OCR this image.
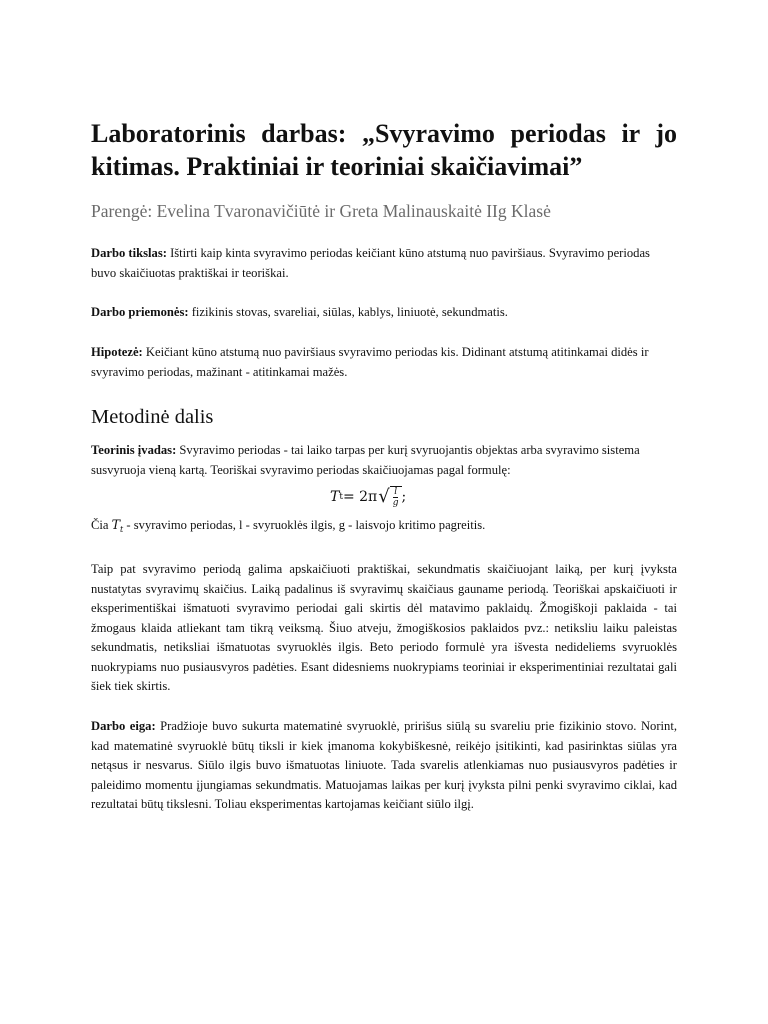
Laboratorinis darbas: „Svyravimo periodas ir jo kitimas. Praktiniai ir teoriniai skaičiavimai”

Parengė: Evelina Tvaronavičiūtė ir Greta Malinauskaitė IIg Klasė

Darbo tikslas: Ištirti kaip kinta svyravimo periodas keičiant kūno atstumą nuo paviršiaus. Svyravimo periodas buvo skaičiuotas praktiškai ir teoriškai.

Darbo priemonės: fizikinis stovas, svareliai, siūlas, kablys, liniuotė, sekundmatis.

Hipotezė: Keičiant kūno atstumą nuo paviršiaus svyravimo periodas kis. Didinant atstumą atitinkamai didės ir svyravimo periodas, mažinant - atitinkamai mažės.

Metodinė dalis

Teorinis įvadas: Svyravimo periodas - tai laiko tarpas per kurį svyruojantis objektas arba svyravimo sistema susvyruoja vieną kartą. Teoriškai svyravimo periodas skaičiuojamas pagal formulę:

T t = 2π √ $\frac{l}{g}$ ;

Čia $T_t$ - svyravimo periodas, l - svyruoklės ilgis, g - laisvojo kritimo pagreitis.

Taip pat svyravimo periodą galima apskaičiuoti praktiškai, sekundmatis skaičiuojant laiką, per kurį įvyksta nustatytas svyravimų skaičius. Laiką padalinus iš svyravimų skaičiaus gauname periodą. Teoriškai apskaičiuoti ir eksperimentiškai išmatuoti svyravimo periodai gali skirtis dėl matavimo paklaidų. Žmogiškoji paklaida - tai žmogaus klaida atliekant tam tikrą veiksmą. Šiuo atveju, žmogiškosios paklaidos pvz.: netiksliu laiku paleistas sekundmatis, netiksliai išmatuotas svyruoklės ilgis. Beto periodo formulė yra išvesta nedideliems svyruoklės nuokrypiams nuo pusiausvyros padėties. Esant didesniems nuokrypiams teoriniai ir eksperimentiniai rezultatai gali šiek tiek skirtis.

Darbo eiga: Pradžioje buvo sukurta matematinė svyruoklė, pririšus siūlą su svareliu prie fizikinio stovo. Norint, kad matematinė svyruoklė būtų tiksli ir kiek įmanoma kokybiškesnė, reikėjo įsitikinti, kad pasirinktas siūlas yra netąsus ir nesvarus. Siūlo ilgis buvo išmatuotas liniuote. Tada svarelis atlenkiamas nuo pusiausvyros padėties ir paleidimo momentu įjungiamas sekundmatis. Matuojamas laikas per kurį įvyksta pilni penki svyravimo ciklai, kad rezultatai būtų tikslesni. Toliau eksperimentas kartojamas keičiant siūlo ilgį.
